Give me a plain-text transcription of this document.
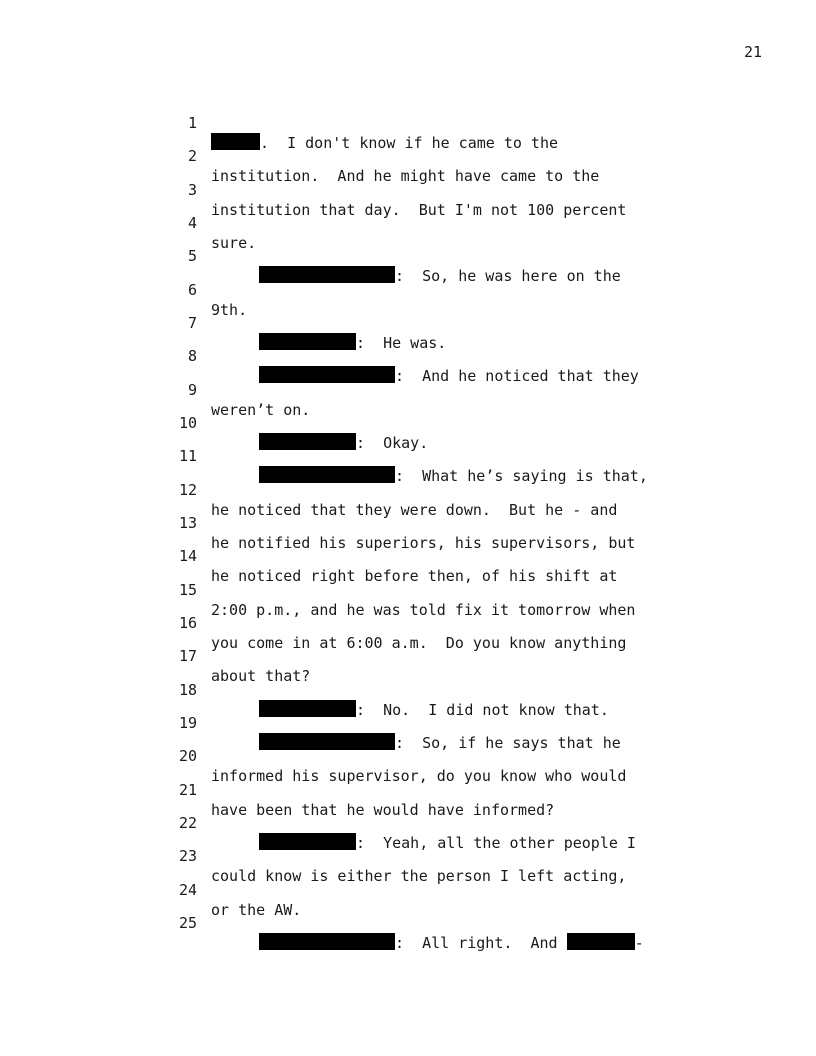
21

1

.  I don't know if he came to the

2

institution.  And he might have came to the

3

institution that day.  But I'm not 100 percent

4

sure.

5

:  So, he was here on the

6

9th.

7

:  He was.

8

:  And he noticed that they

9

weren’t on.

10

:  Okay.

11

:  What he’s saying is that,

12

he noticed that they were down.  But he - and

13

he notified his superiors, his supervisors, but

14

he noticed right before then, of his shift at

15

2:00 p.m., and he was told fix it tomorrow when

16

you come in at 6:00 a.m.  Do you know anything

17

about that?

18

:  No.  I did not know that.

19

:  So, if he says that he

20

informed his supervisor, do you know who would

21

have been that he would have informed?

22

:  Yeah, all the other people I

23

could know is either the person I left acting,

24

or the AW.

25

:  All right.  And	-
